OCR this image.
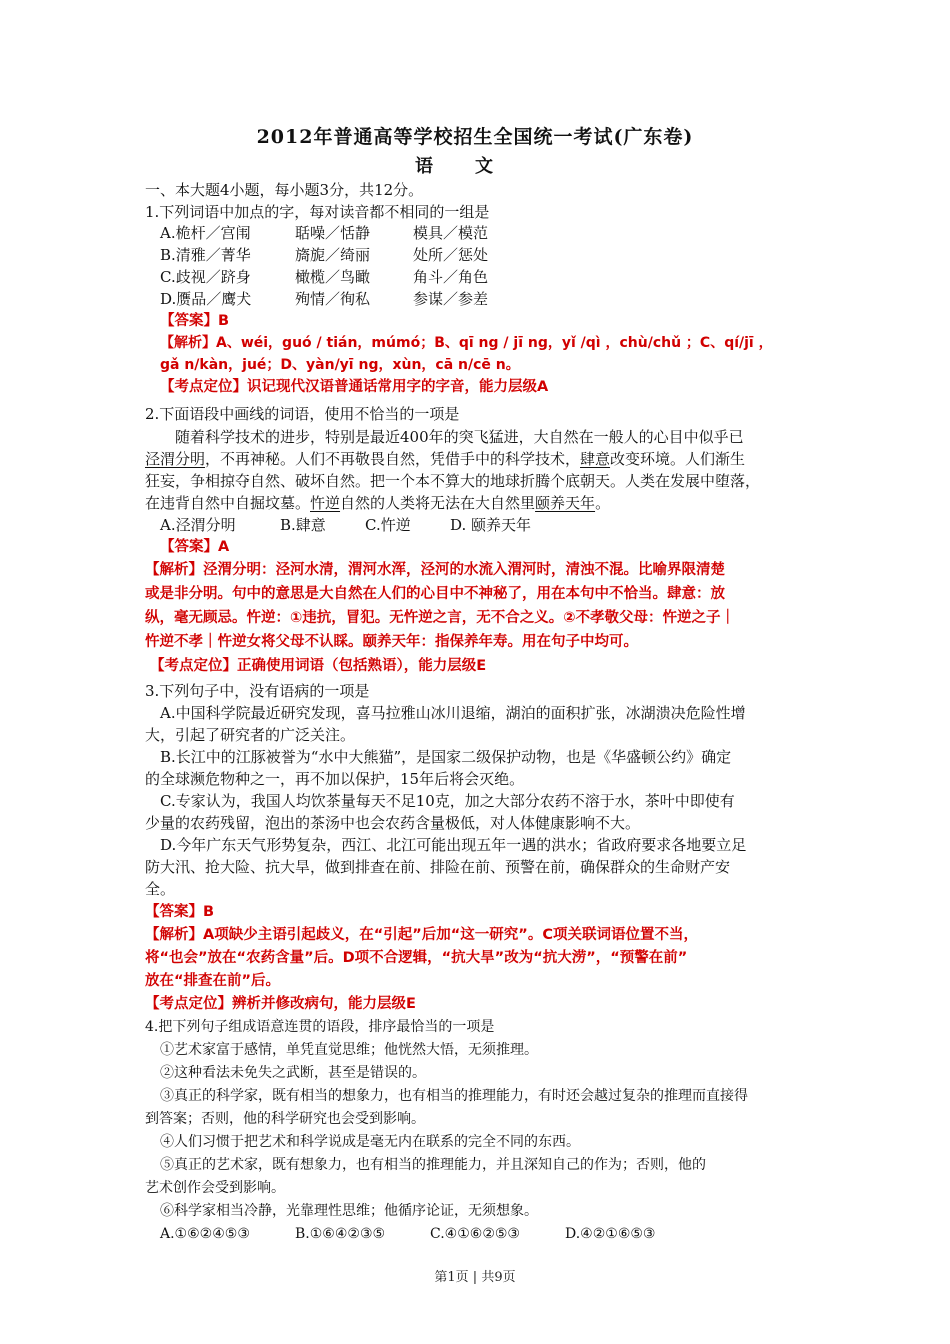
2012年普通高等学校招生全国统一考试(广东卷)
语文
一、本大题4小题，每小题3分，共12分。
1.下列词语中加点的字，每对读音都不相同的一组是
A.桅杆／宫闱	聒噪／恬静	模具／模范
B.清雅／菁华	旖旎／绮丽	处所／惩处
C.歧视／跻身	橄榄／鸟瞰	角斗／角色
D.赝品／鹰犬	殉情／徇私	参谋／参差
【答案】B
【解析】A、wéi，guó / tián，múmó；B、qī ng / jī ng，yǐ /qì ，chù/chǔ ；C、qí/jī ，
gǎ n/kàn，jué；D、yàn/yī ng，xùn，cā n/cē n。
【考点定位】识记现代汉语普通话常用字的字音，能力层级A
2.下面语段中画线的词语，使用不恰当的一项是
随着科学技术的进步，特别是最近400年的突飞猛进，大自然在一般人的心目中似乎已
泾渭分明，不再神秘。人们不再敬畏自然，凭借手中的科学技术，肆意改变环境。人们渐生
狂妄，争相掠夺自然、破坏自然。把一个本不算大的地球折腾个底朝天。人类在发展中堕落，
在违背自然中自掘坟墓。忤逆自然的人类将无法在大自然里颐养天年。
A.泾渭分明	B.肆意	C.忤逆	D. 颐养天年
【答案】A
【解析】泾渭分明：泾河水清，渭河水浑，泾河的水流入渭河时，清浊不混。比喻界限清楚
或是非分明。句中的意思是大自然在人们的心目中不神秘了，用在本句中不恰当。肆意：放
纵，毫无顾忌。忤逆：①违抗，冒犯。无忤逆之言，无不合之义。②不孝敬父母：忤逆之子｜
忤逆不孝｜忤逆女将父母不认睬。颐养天年：指保养年寿。用在句子中均可。
【考点定位】正确使用词语（包括熟语），能力层级E
3.下列句子中，没有语病的一项是
A.中国科学院最近研究发现，喜马拉雅山冰川退缩，湖泊的面积扩张，冰湖溃决危险性增
大，引起了研究者的广泛关注。
B.长江中的江豚被誉为“水中大熊猫”，是国家二级保护动物，也是《华盛顿公约》确定
的全球濒危物种之一，再不加以保护，15年后将会灭绝。
C.专家认为，我国人均饮茶量每天不足10克，加之大部分农药不溶于水，茶叶中即使有
少量的农药残留，泡出的茶汤中也会农药含量极低，对人体健康影响不大。
D.今年广东天气形势复杂，西江、北江可能出现五年一遇的洪水；省政府要求各地要立足
防大汛、抢大险、抗大旱，做到排查在前、排险在前、预警在前，确保群众的生命财产安
全。
【答案】B
【解析】A项缺少主语引起歧义，在“引起”后加“这一研究”。C项关联词语位置不当，
将“也会”放在“农药含量”后。D项不合逻辑，“抗大旱”改为“抗大涝”，“预警在前”
放在“排查在前”后。
【考点定位】辨析并修改病句，能力层级E
4.把下列句子组成语意连贯的语段，排序最恰当的一项是
①艺术家富于感情，单凭直觉思维；他恍然大悟，无须推理。
②这种看法未免失之武断，甚至是错误的。
③真正的科学家，既有相当的想象力，也有相当的推理能力，有时还会越过复杂的推理而直接得
到答案；否则，他的科学研究也会受到影响。
④人们习惯于把艺术和科学说成是毫无内在联系的完全不同的东西。
⑤真正的艺术家，既有想象力，也有相当的推理能力，并且深知自己的作为；否则，他的
艺术创作会受到影响。
⑥科学家相当冷静，光靠理性思维；他循序论证，无须想象。
A.①⑥②④⑤③	B.①⑥④②③⑤	C.④①⑥②⑤③	D.④②①⑥⑤③
第1页 | 共9页
